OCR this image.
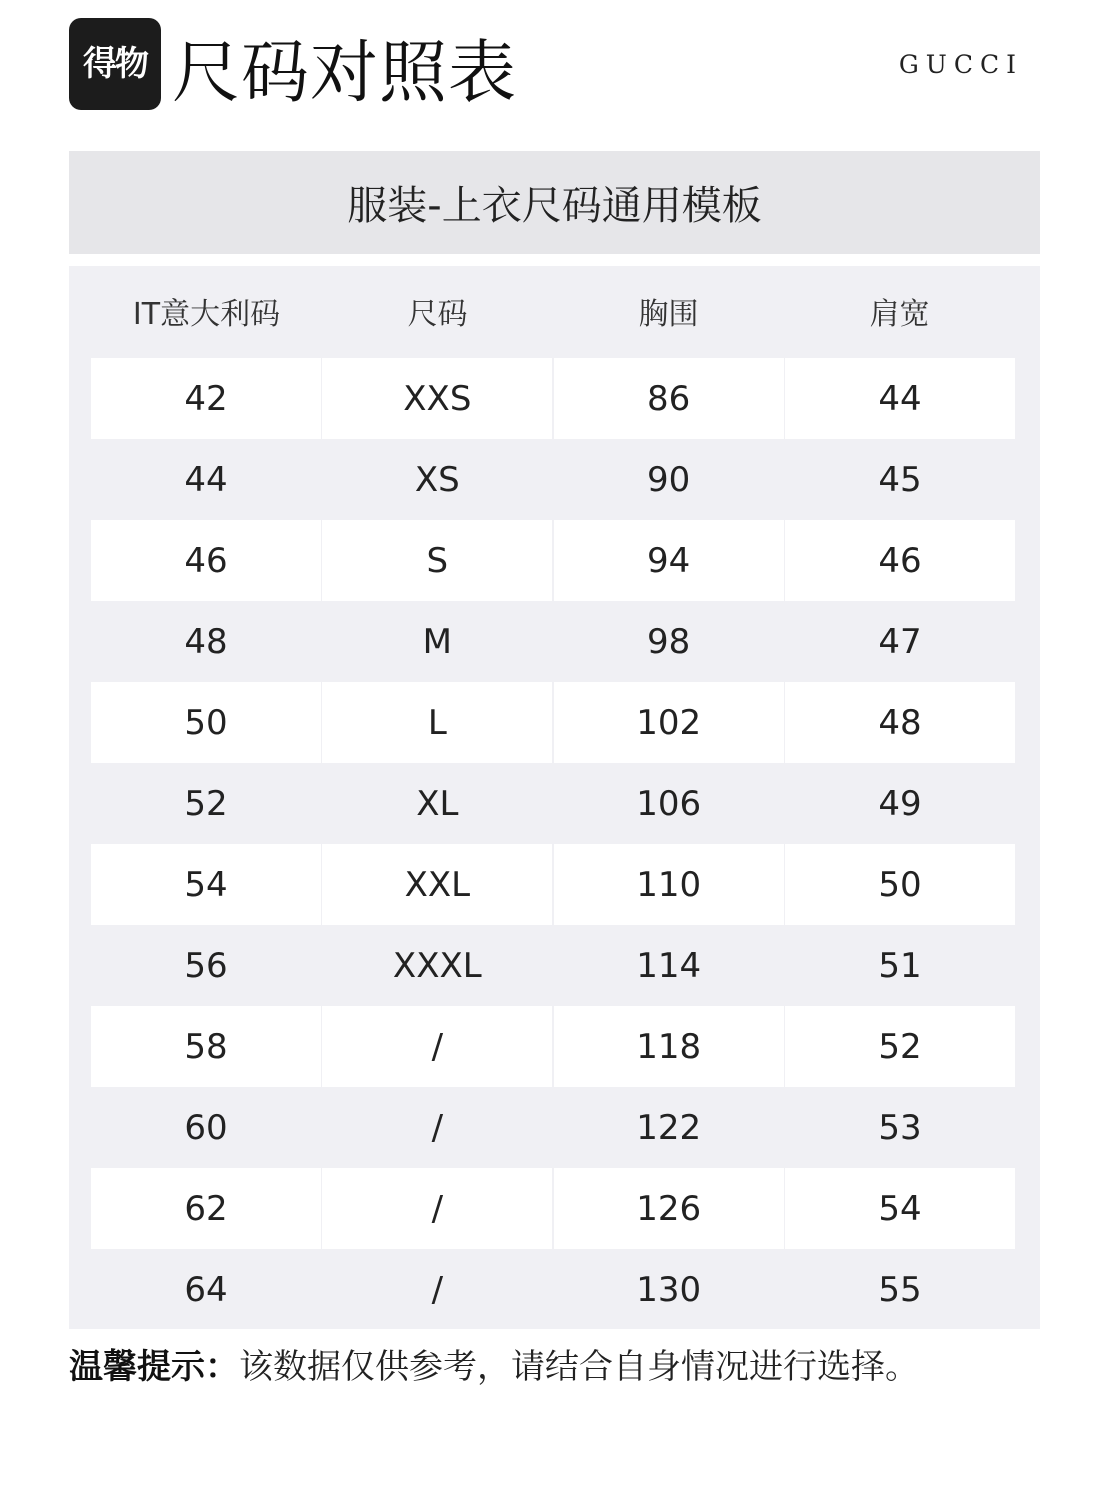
得物 尺码对照表	GUCCI
服装-上衣尺码通用模板
IT意大利码	尺码	胸围	肩宽
42	XXS	86	44
44	XS	90	45
46	S	94	46
48	M	98	47
50	L	102	48
52	XL	106	49
54	XXL	110	50
56	XXXL	114	51
58	/	118	52
60	/	122	53
62	/	126	54
64	/	130	55
温馨提示：该数据仅供参考，请结合自身情况进行选择。
